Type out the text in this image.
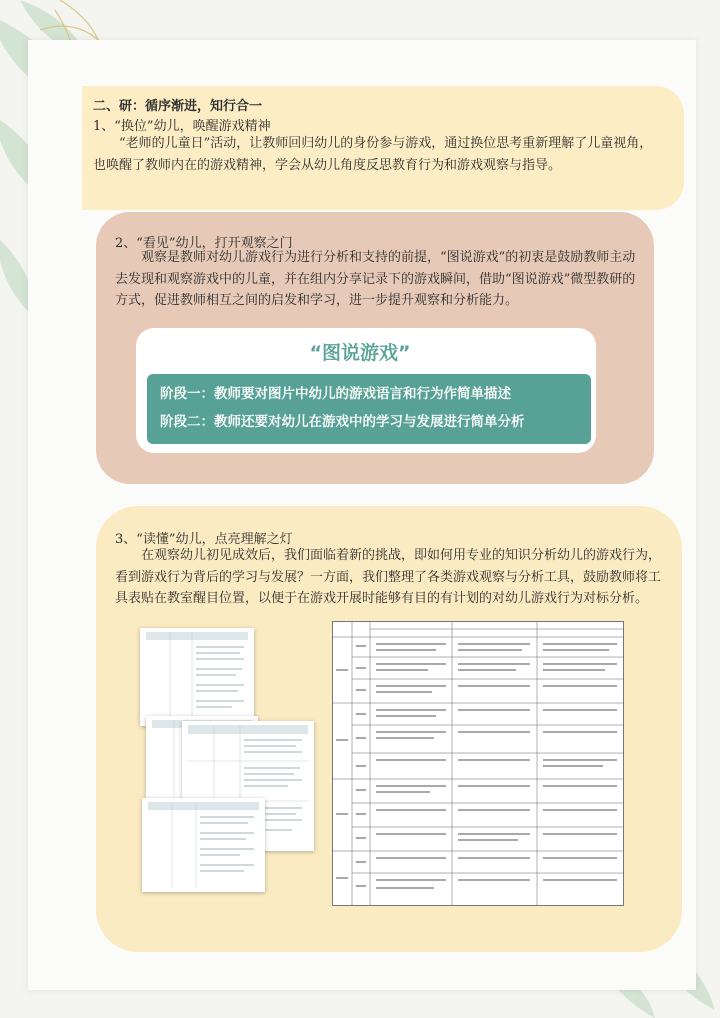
二、研：循序渐进，知行合一
1、“换位”幼儿，唤醒游戏精神
“老师的儿童日”活动，让教师回归幼儿的身份参与游戏，通过换位思考重新理解了儿童视角，也唤醒了教师内在的游戏精神，学会从幼儿角度反思教育行为和游戏观察与指导。
2、“看见”幼儿，打开观察之门
观察是教师对幼儿游戏行为进行分析和支持的前提，“图说游戏”的初衷是鼓励教师主动去发现和观察游戏中的儿童，并在组内分享记录下的游戏瞬间，借助“图说游戏”微型教研的方式，促进教师相互之间的启发和学习，进一步提升观察和分析能力。
“图说游戏”
阶段一：教师要对图片中幼儿的游戏语言和行为作简单描述
阶段二：教师还要对幼儿在游戏中的学习与发展进行简单分析
3、“读懂”幼儿，点亮理解之灯
在观察幼儿初见成效后，我们面临着新的挑战，即如何用专业的知识分析幼儿的游戏行为，看到游戏行为背后的学习与发展？一方面，我们整理了各类游戏观察与分析工具，鼓励教师将工具表贴在教室醒目位置，以便于在游戏开展时能够有目的有计划的对幼儿游戏行为对标分析。
